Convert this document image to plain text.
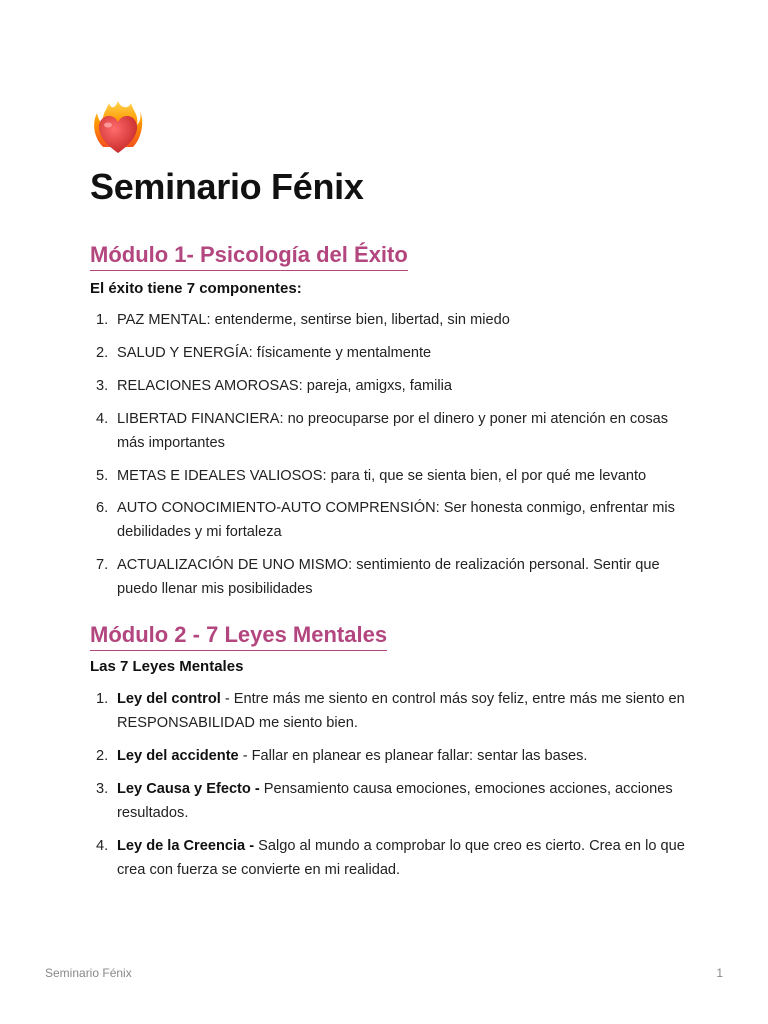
Seminario Fénix
Módulo 1- Psicología del Éxito

El éxito tiene 7 componentes:

1. PAZ MENTAL: entenderme, sentirse bien, libertad, sin miedo
2. SALUD Y ENERGÍA: físicamente y mentalmente
3. RELACIONES AMOROSAS: pareja, amigxs, familia
4. LIBERTAD FINANCIERA: no preocuparse por el dinero y poner mi atención en cosas más importantes
5. METAS E IDEALES VALIOSOS: para ti, que se sienta bien, el por qué me levanto
6. AUTO CONOCIMIENTO-AUTO COMPRENSIÓN: Ser honesta conmigo, enfrentar mis debilidades y mi fortaleza
7. ACTUALIZACIÓN DE UNO MISMO: sentimiento de realización personal. Sentir que puedo llenar mis posibilidades
Módulo 2 - 7 Leyes Mentales

Las 7 Leyes Mentales

1. Ley del control - Entre más me siento en control más soy feliz, entre más me siento en RESPONSABILIDAD me siento bien.
2. Ley del accidente - Fallar en planear es planear fallar: sentar las bases.
3. Ley Causa y Efecto - Pensamiento causa emociones, emociones acciones, acciones resultados.
4. Ley de la Creencia - Salgo al mundo a comprobar lo que creo es cierto. Crea en lo que crea con fuerza se convierte en mi realidad.
Seminario Fénix	1
